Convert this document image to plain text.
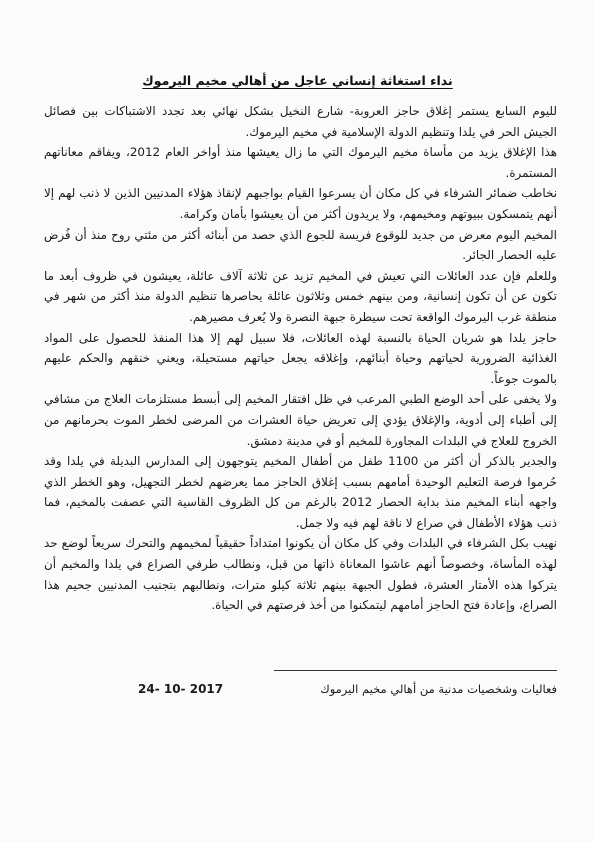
نداء استغاثة إنساني عاجل من أهالي مخيم اليرموك

لليوم السابع يستمر إغلاق حاجز العروبة- شارع النخيل بشكل نهائي بعد تجدد الاشتباكات بين فصائل الجيش الحر في يلدا وتنظيم الدولة الإسلامية في مخيم اليرموك.

هذا الإغلاق يزيد من مأساة مخيم اليرموك التي ما زال يعيشها منذ أواخر العام 2012، ويفاقم معاناتهم المستمرة.

نخاطب ضمائر الشرفاء في كل مكان أن يسرعوا القيام بواجبهم لإنقاذ هؤلاء المدنيين الذين لا ذنب لهم إلا أنهم يتمسكون ببيوتهم ومخيمهم، ولا يريدون أكثر من أن يعيشوا بأمان وكرامة.

المخيم اليوم معرض من جديد للوقوع فريسة للجوع الذي حصد من أبنائه أكثر من مئتي روح منذ أن فُرض عليه الحصار الجائر.

وللعلم فإن عدد العائلات التي تعيش في المخيم تزيد عن ثلاثة آلاف عائلة، يعيشون في ظروف أبعد ما تكون عن أن تكون إنسانية، ومن بينهم خمس وثلاثون عائلة يحاصرها تنظيم الدولة منذ أكثر من شهر في منطقة غرب اليرموك الواقعة تحت سيطرة جبهة النصرة ولا يُعرف مصيرهم.

حاجز يلدا هو شريان الحياة بالنسبة لهذه العائلات، فلا سبيل لهم إلا هذا المنفذ للحصول على المواد الغذائية الضرورية لحياتهم وحياة أبنائهم، وإغلاقه يجعل حياتهم مستحيلة، ويعني خنقهم والحكم عليهم بالموت جوعاً.

ولا يخفى على أحد الوضع الطبي المرعب في ظل افتقار المخيم إلى أبسط مستلزمات العلاج من مشافي إلى أطباء إلى أدوية، والإغلاق يؤدي إلى تعريض حياة العشرات من المرضى لخطر الموت بحرمانهم من الخروج للعلاج في البلدات المجاورة للمخيم أو في مدينة دمشق.

والجدير بالذكر أن أكثر من 1100 طفل من أطفال المخيم يتوجهون إلى المدارس البديلة في يلدا وقد حُرموا فرصة التعليم الوحيدة أمامهم بسبب إغلاق الحاجز مما يعرضهم لخطر التجهيل، وهو الخطر الذي واجهه أبناء المخيم منذ بداية الحصار 2012 بالرغم من كل الظروف القاسية التي عصفت بالمخيم، فما ذنب هؤلاء الأطفال في صراع لا ناقة لهم فيه ولا جمل.

نهيب بكل الشرفاء في البلدات وفي كل مكان أن يكونوا امتداداً حقيقياً لمخيمهم والتحرك سريعاً لوضع حد لهذه المأساة، وخصوصاً أنهم عاشوا المعاناة ذاتها من قبل، ونطالب طرفي الصراع في يلدا والمخيم أن يتركوا هذه الأمتار العشرة، فطول الجبهة بينهم ثلاثة كيلو مترات، ونطالبهم بتجنيب المدنيين جحيم هذا الصراع، وإعادة فتح الحاجز أمامهم ليتمكنوا من أخذ فرصتهم في الحياة.

فعاليات وشخصيات مدنية من أهالي مخيم اليرموك
24- 10- 2017
